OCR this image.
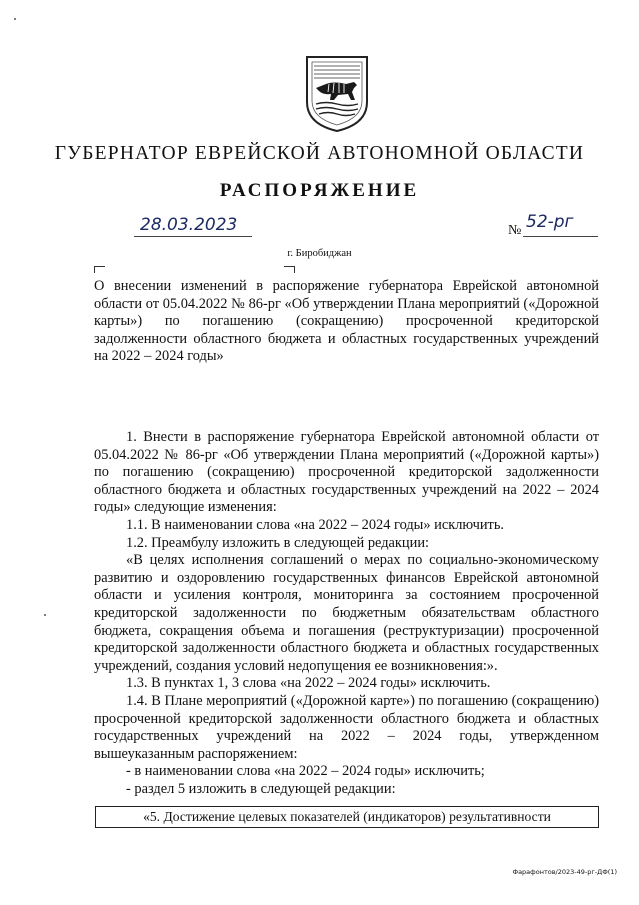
ГУБЕРНАТОР ЕВРЕЙСКОЙ АВТОНОМНОЙ ОБЛАСТИ
РАСПОРЯЖЕНИЕ
28.03.2023	№ 52-рг
г. Биробиджан
О внесении изменений в распоряжение губернатора Еврейской автономной области от 05.04.2022 № 86-рг «Об утверждении Плана мероприятий («Дорожной карты») по погашению (сокращению) просроченной кредиторской задолженности областного бюджета и областных государственных учреждений на 2022 – 2024 годы»

1. Внести в распоряжение губернатора Еврейской автономной области от 05.04.2022 № 86-рг «Об утверждении Плана мероприятий («Дорожной карты») по погашению (сокращению) просроченной кредиторской задолженности областного бюджета и областных государственных учреждений на 2022 – 2024 годы» следующие изменения:

1.1. В наименовании слова «на 2022 – 2024 годы» исключить.

1.2. Преамбулу изложить в следующей редакции:

«В целях исполнения соглашений о мерах по социально-экономическому развитию и оздоровлению государственных финансов Еврейской автономной области и усиления контроля, мониторинга за состоянием просроченной кредиторской задолженности по бюджетным обязательствам областного бюджета, сокращения объема и погашения (реструктуризации) просроченной кредиторской задолженности областного бюджета и областных государственных учреждений, создания условий недопущения ее возникновения:».

1.3. В пунктах 1, 3 слова «на 2022 – 2024 годы» исключить.

1.4. В Плане мероприятий («Дорожной карте») по погашению (сокращению) просроченной кредиторской задолженности областного бюджета и областных государственных учреждений на 2022 – 2024 годы, утвержденном вышеуказанным распоряжением:

- в наименовании слова «на 2022 – 2024 годы» исключить;

- раздел 5 изложить в следующей редакции:

«5. Достижение целевых показателей (индикаторов) результативности
Фарафонтов/2023-49-рг-ДФ(1)
